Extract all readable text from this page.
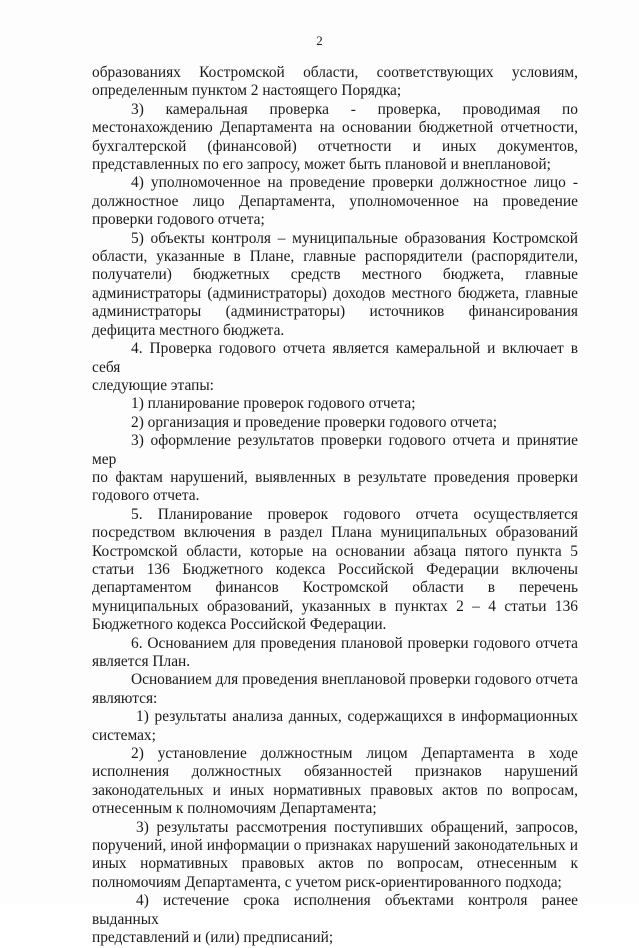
2

образованиях Костромской области, соответствующих условиям,
определенным пунктом 2 настоящего Порядка;

3) камеральная проверка - проверка, проводимая по
местонахождению Департамента на основании бюджетной отчетности, бухгалтерской (финансовой) отчетности и иных документов, представленных по его запросу, может быть плановой и внеплановой;

4) уполномоченное на проведение проверки должностное лицо -
должностное лицо Департамента, уполномоченное на проведение проверки годового отчета;

5) объекты контроля – муниципальные образования Костромской
области, указанные в Плане, главные распорядители (распорядители, получатели) бюджетных средств местного бюджета, главные администраторы (администраторы) доходов местного бюджета, главные администраторы (администраторы) источников финансирования дефицита местного бюджета.

4. Проверка годового отчета является камеральной и включает в себя
следующие этапы:

1) планирование проверок годового отчета;

2) организация и проведение проверки годового отчета;

3) оформление результатов проверки годового отчета и принятие мер
по фактам нарушений, выявленных в результате проведения проверки годового отчета.

5. Планирование проверок годового отчета осуществляется
посредством включения в раздел Плана муниципальных образований Костромской области, которые на основании абзаца пятого пункта 5 статьи 136 Бюджетного кодекса Российской Федерации включены департаментом финансов Костромской области в перечень муниципальных образований, указанных в пунктах 2 – 4 статьи 136 Бюджетного кодекса Российской Федерации.

6. Основанием для проведения плановой проверки годового отчета
является План.

Основанием для проведения внеплановой проверки годового отчета
являются:

1) результаты анализа данных, содержащихся в информационных
системах;

2) установление должностным лицом Департамента в ходе
исполнения должностных обязанностей признаков нарушений законодательных и иных нормативных правовых актов по вопросам, отнесенным к полномочиям Департамента;

3) результаты рассмотрения поступивших обращений, запросов,
поручений, иной информации о признаках нарушений законодательных и иных нормативных правовых актов по вопросам, отнесенным к полномочиям Департамента, с учетом риск-ориентированного подхода;

4) истечение срока исполнения объектами контроля ранее выданных
представлений и (или) предписаний;
